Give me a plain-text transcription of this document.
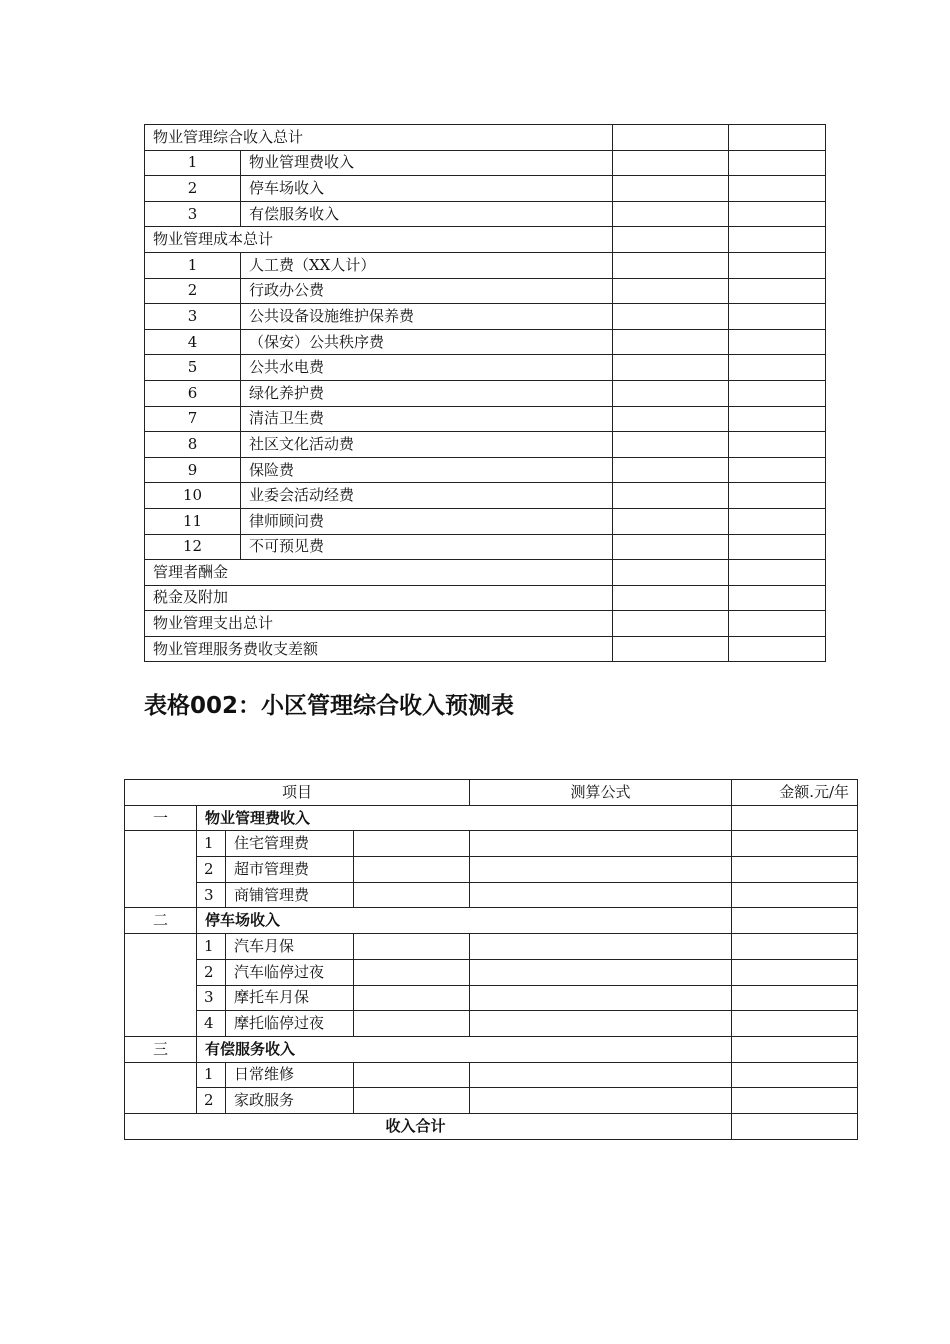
物业管理综合收入总计			
1	物业管理费收入		
2	停车场收入		
3	有偿服务收入		
物业管理成本总计			
1	人工费（XX人计）		
2	行政办公费		
3	公共设备设施维护保养费		
4	（保安）公共秩序费		
5	公共水电费		
6	绿化养护费		
7	清洁卫生费		
8	社区文化活动费		
9	保险费		
10	业委会活动经费		
11	律师顾问费		
12	不可预见费		
管理者酬金			
税金及附加			
物业管理支出总计			
物业管理服务费收支差额			
表格002：小区管理综合收入预测表
项目				测算公式	金额.元/年
一	物业管理费收入				
	1	住宅管理费			
	2	超市管理费			
	3	商铺管理费			
二	停车场收入				
	1	汽车月保			
	2	汽车临停过夜			
	3	摩托车月保			
	4	摩托临停过夜			
三	有偿服务收入				
	1	日常维修			
	2	家政服务			
收入合计					
